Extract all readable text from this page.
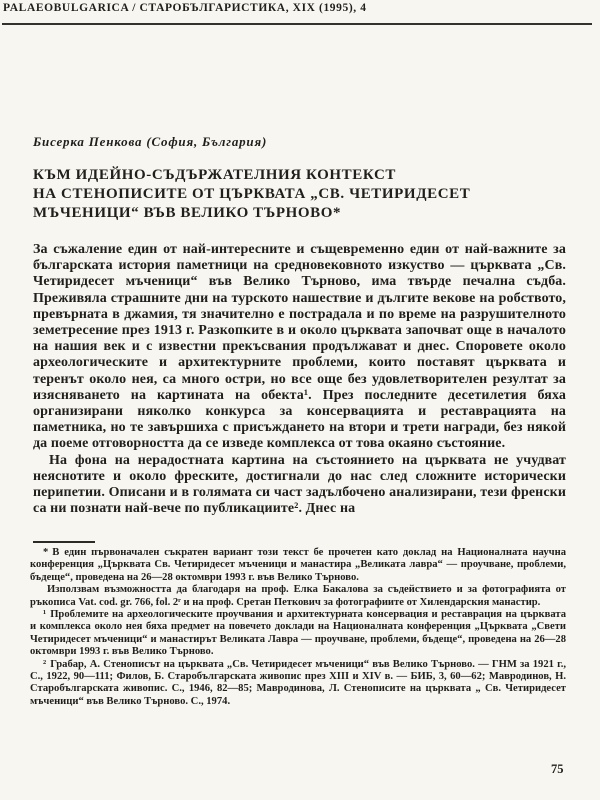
PALAEOBULGARICA / СТАРОБЪЛГАРИСТИКА, XIX (1995), 4
Бисерка Пенкова (София, България)
КЪМ ИДЕЙНО-СЪДЪРЖАТЕЛНИЯ КОНТЕКСТ
НА СТЕНОПИСИТЕ ОТ ЦЪРКВАТА „СВ. ЧЕТИРИДЕСЕТ
МЪЧЕНИЦИ“ ВЪВ ВЕЛИКО ТЪРНОВО*

За съжаление един от най-интересните и същевременно един от най-важните за българската история паметници на средновековното изкуство — църквата „Св. Четиридесет мъченици“ във Велико Търново, има твърде печална съдба. Преживяла страшните дни на турското нашествие и дългите векове на робството, превърната в джамия, тя значително е пострадала и по време на разрушителното земетресение през 1913 г. Разкопките в и около църквата започват още в началото на нашия век и с известни прекъсвания продължават и днес. Споровете около археологическите и архитектурните проблеми, които поставят църквата и теренът около нея, са много остри, но все още без удовлетворителен резултат за изясняването на картината на обекта¹. През последните десетилетия бяха организирани няколко конкурса за консервацията и реставрацията на паметника, но те завършиха с присъждането на втори и трети награди, без някой да поеме отговорността да се изведе комплекса от това окаяно състояние.

На фона на нерадостната картина на състоянието на църквата не учудват неяснотите и около фреските, достигнали до нас след сложните исторически перипетии. Описани и в голямата си част задълбочено анализирани, тези френски са ни познати най-вече по публикациите². Днес на

* В един първоначален съкратен вариант този текст бе прочетен като доклад на Националната научна конференция „Църквата Св. Четиридесет мъченици и манастира „Великата лавра“ — проучване, проблеми, бъдеще“, проведена на 26—28 октомври 1993 г. във Велико Търново.

Използвам възможността да благодаря на проф. Елка Бакалова за съдействието и за фотографията от ръкописа Vat. cod. gr. 766, fol. 2ʳ и на проф. Сретан Петкович за фотографиите от Хилендарския манастир.

¹ Проблемите на археологическите проучвания и архитектурната консервация и реставрация на църквата и комплекса около нея бяха предмет на повечето доклади на Националната конференция „Църквата „Свети Четиридесет мъченици“ и манастирът Великата Лавра — проучване, проблеми, бъдеще“, проведена на 26—28 октомври 1993 г. във Велико Търново.

² Грабар, А. Стенописът на църквата „Св. Четиридесет мъченици“ във Велико Търново. — ГНМ за 1921 г., С., 1922, 90—111; Филов, Б. Старобългарската живопис през XIII и XIV в. — БИБ, 3, 60—62; Мавродинов, Н. Старобългарската живопис. С., 1946, 82—85; Мавродинова, Л. Стенописите на църквата „ Св. Четиридесет мъченици“ във Велико Търново. С., 1974.

75
